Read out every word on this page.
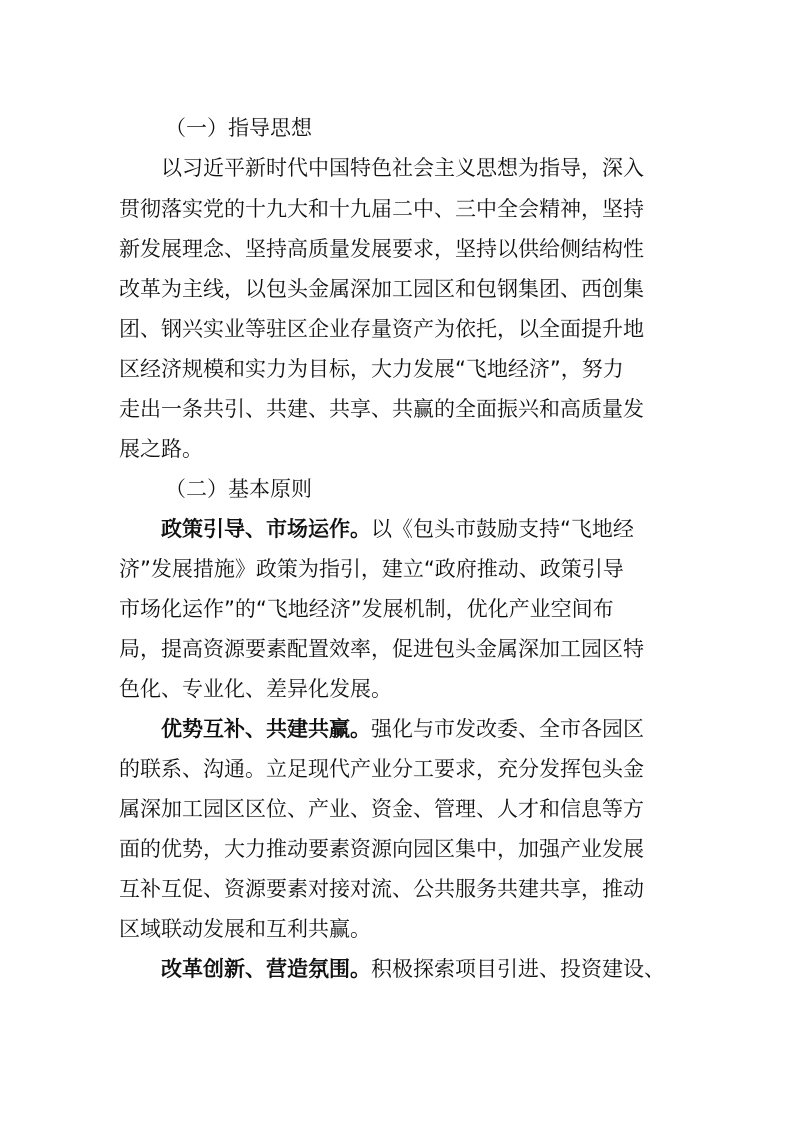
（一）指导思想
以习近平新时代中国特色社会主义思想为指导，深入
贯彻落实党的十九大和十九届二中、三中全会精神，坚持
新发展理念、坚持高质量发展要求，坚持以供给侧结构性
改革为主线，以包头金属深加工园区和包钢集团、西创集
团、钢兴实业等驻区企业存量资产为依托，以全面提升地
区经济规模和实力为目标，大力发展“飞地经济”，努力
走出一条共引、共建、共享、共赢的全面振兴和高质量发
展之路。
（二）基本原则
政策引导、市场运作。以《包头市鼓励支持“飞地经
济”发展措施》政策为指引，建立“政府推动、政策引导
市场化运作”的“飞地经济”发展机制，优化产业空间布
局，提高资源要素配置效率，促进包头金属深加工园区特
色化、专业化、差异化发展。
优势互补、共建共赢。强化与市发改委、全市各园区
的联系、沟通。立足现代产业分工要求，充分发挥包头金
属深加工园区区位、产业、资金、管理、人才和信息等方
面的优势，大力推动要素资源向园区集中，加强产业发展
互补互促、资源要素对接对流、公共服务共建共享，推动
区域联动发展和互利共赢。
改革创新、营造氛围。积极探索项目引进、投资建设、
